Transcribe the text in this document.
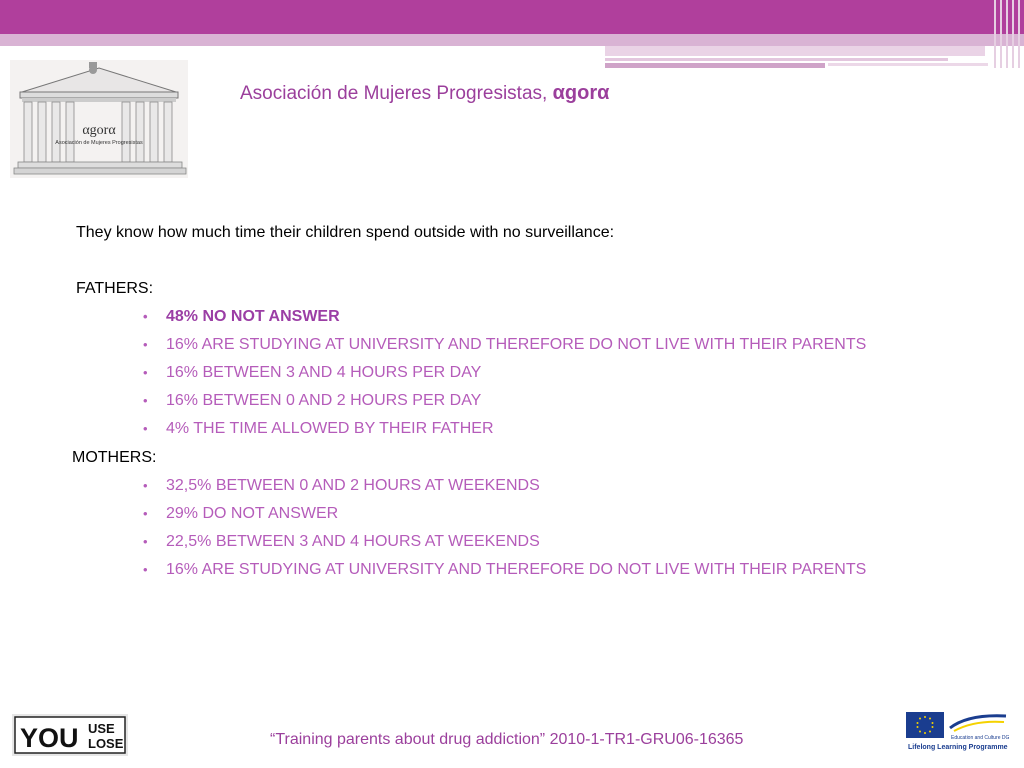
αgorα
Asociación de Mujeres Progresistas
Asociación de Mujeres Progresistas, αgorα
They know how much time their children spend outside with no surveillance:
FATHERS:
• 48% NO NOT ANSWER
• 16% ARE STUDYING AT UNIVERSITY AND THEREFORE DO NOT LIVE WITH THEIR PARENTS
• 16% BETWEEN 3 AND 4 HOURS PER DAY
• 16% BETWEEN 0 AND 2 HOURS PER DAY
• 4% THE TIME ALLOWED BY THEIR FATHER
MOTHERS:
• 32,5% BETWEEN 0 AND 2 HOURS AT WEEKENDS
• 29% DO NOT ANSWER
• 22,5% BETWEEN 3 AND 4 HOURS AT WEEKENDS
• 16% ARE STUDYING AT UNIVERSITY AND THEREFORE DO NOT LIVE WITH THEIR PARENTS
YOU USE
LOSE	“Training parents about drug addiction” 2010-1-TR1-GRU06-16365	Education and Culture DG
Lifelong Learning Programme
